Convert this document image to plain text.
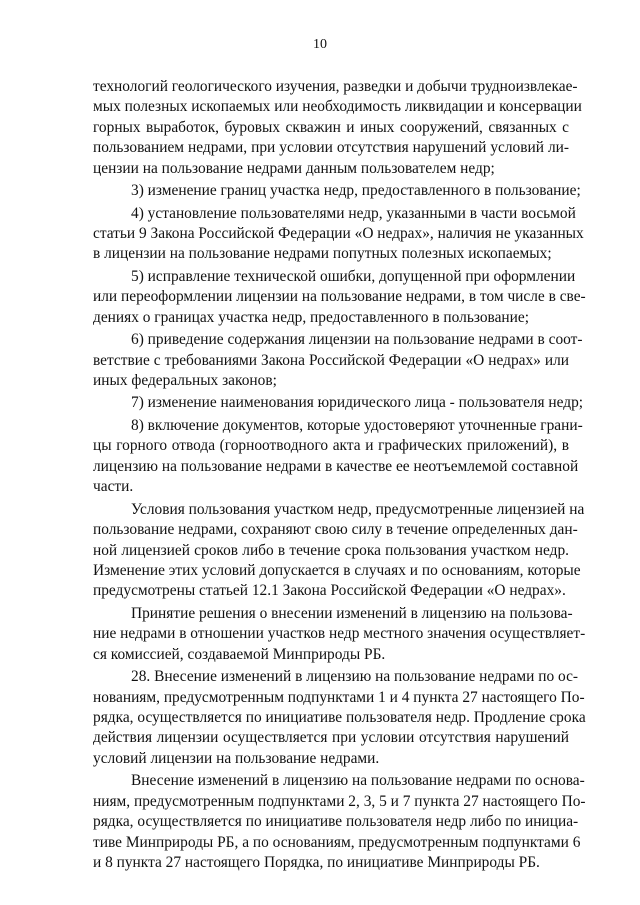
10
технологий геологического изучения, разведки и добычи трудноизвлекае-
мых полезных ископаемых или необходимость ликвидации и консервации
горных выработок, буровых скважин и иных сооружений, связанных с
пользованием недрами, при условии отсутствия нарушений условий ли-
цензии на пользование недрами данным пользователем недр;
3) изменение границ участка недр, предоставленного в пользование;
4) установление пользователями недр, указанными в части восьмой
статьи 9 Закона Российской Федерации «О недрах», наличия не указанных
в лицензии на пользование недрами попутных полезных ископаемых;
5) исправление технической ошибки, допущенной при оформлении
или переоформлении лицензии на пользование недрами, в том числе в све-
дениях о границах участка недр, предоставленного в пользование;
6) приведение содержания лицензии на пользование недрами в соот-
ветствие с требованиями Закона Российской Федерации «О недрах» или
иных федеральных законов;
7) изменение наименования юридического лица - пользователя недр;
8) включение документов, которые удостоверяют уточненные грани-
цы горного отвода (горноотводного акта и графических приложений), в
лицензию на пользование недрами в качестве ее неотъемлемой составной
части.
Условия пользования участком недр, предусмотренные лицензией на
пользование недрами, сохраняют свою силу в течение определенных дан-
ной лицензией сроков либо в течение срока пользования участком недр.
Изменение этих условий допускается в случаях и по основаниям, которые
предусмотрены статьей 12.1 Закона Российской Федерации «О недрах».
Принятие решения о внесении изменений в лицензию на пользова-
ние недрами в отношении участков недр местного значения осуществляет-
ся комиссией, создаваемой Минприроды РБ.
28. Внесение изменений в лицензию на пользование недрами по ос-
нованиям, предусмотренным подпунктами 1 и 4 пункта 27 настоящего По-
рядка, осуществляется по инициативе пользователя недр. Продление срока
действия лицензии осуществляется при условии отсутствия нарушений
условий лицензии на пользование недрами.
Внесение изменений в лицензию на пользование недрами по основа-
ниям, предусмотренным подпунктами 2, 3, 5 и 7 пункта 27 настоящего По-
рядка, осуществляется по инициативе пользователя недр либо по инициа-
тиве Минприроды РБ, а по основаниям, предусмотренным подпунктами 6
и 8 пункта 27 настоящего Порядка, по инициативе Минприроды РБ.
